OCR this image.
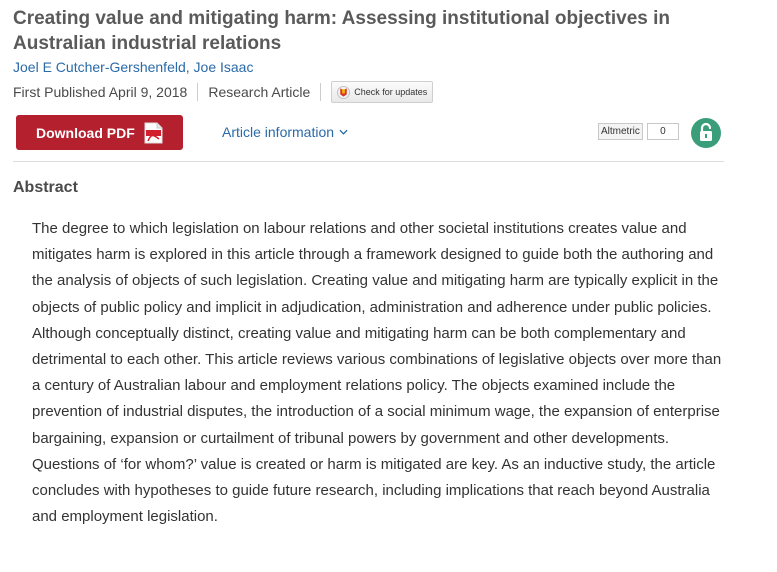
Creating value and mitigating harm: Assessing institutional objectives in Australian industrial relations
Joel E Cutcher-Gershenfeld, Joe Isaac
First Published April 9, 2018 Research Article	Check for updates
Download PDF	Article information	Altmetric	0
Abstract

The degree to which legislation on labour relations and other societal institutions creates value and mitigates harm is explored in this article through a framework designed to guide both the authoring and the analysis of objects of such legislation. Creating value and mitigating harm are typically explicit in the objects of public policy and implicit in adjudication, administration and adherence under public policies. Although conceptually distinct, creating value and mitigating harm can be both complementary and detrimental to each other. This article reviews various combinations of legislative objects over more than a century of Australian labour and employment relations policy. The objects examined include the prevention of industrial disputes, the introduction of a social minimum wage, the expansion of enterprise bargaining, expansion or curtailment of tribunal powers by government and other developments. Questions of ‘for whom?’ value is created or harm is mitigated are key. As an inductive study, the article concludes with hypotheses to guide future research, including implications that reach beyond Australia and employment legislation.
